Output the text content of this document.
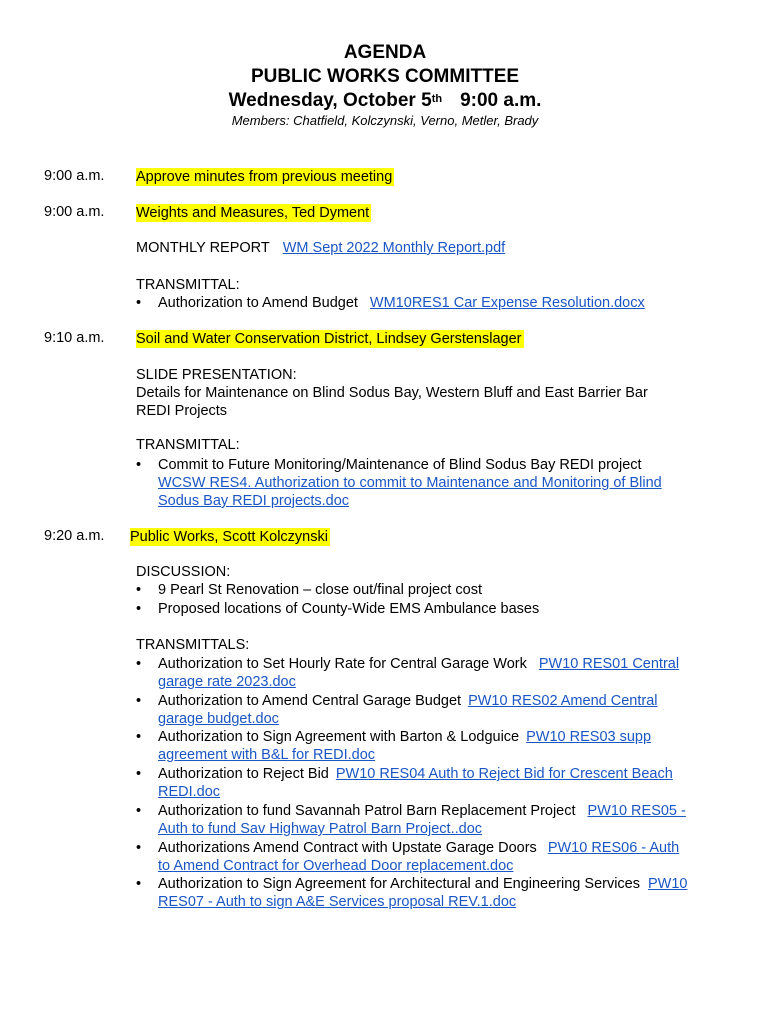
AGENDA
PUBLIC WORKS COMMITTEE
Wednesday, October 5th 9:00 a.m.
Members: Chatfield, Kolczynski, Verno, Metler, Brady
9:00 a.m. Approve minutes from previous meeting
9:00 a.m. Weights and Measures, Ted Dyment
MONTHLY REPORT WM Sept 2022 Monthly Report.pdf
TRANSMITTAL:
• Authorization to Amend Budget WM10RES1 Car Expense Resolution.docx
9:10 a.m. Soil and Water Conservation District, Lindsey Gerstenslager
SLIDE PRESENTATION:
Details for Maintenance on Blind Sodus Bay, Western Bluff and East Barrier Bar
REDI Projects
TRANSMITTAL:
• Commit to Future Monitoring/Maintenance of Blind Sodus Bay REDI project
WCSW RES4. Authorization to commit to Maintenance and Monitoring of Blind
Sodus Bay REDI projects.doc
9:20 a.m. Public Works, Scott Kolczynski
DISCUSSION:
• 9 Pearl St Renovation – close out/final project cost
• Proposed locations of County-Wide EMS Ambulance bases
TRANSMITTALS:
• Authorization to Set Hourly Rate for Central Garage Work PW10 RES01 Central
garage rate 2023.doc
• Authorization to Amend Central Garage Budget PW10 RES02 Amend Central
garage budget.doc
• Authorization to Sign Agreement with Barton & Lodguice PW10 RES03 supp
agreement with B&L for REDI.doc
• Authorization to Reject Bid PW10 RES04 Auth to Reject Bid for Crescent Beach
REDI.doc
• Authorization to fund Savannah Patrol Barn Replacement Project PW10 RES05 -
Auth to fund Sav Highway Patrol Barn Project..doc
• Authorizations Amend Contract with Upstate Garage Doors PW10 RES06 - Auth
to Amend Contract for Overhead Door replacement.doc
• Authorization to Sign Agreement for Architectural and Engineering Services PW10
RES07 - Auth to sign A&E Services proposal REV.1.doc
